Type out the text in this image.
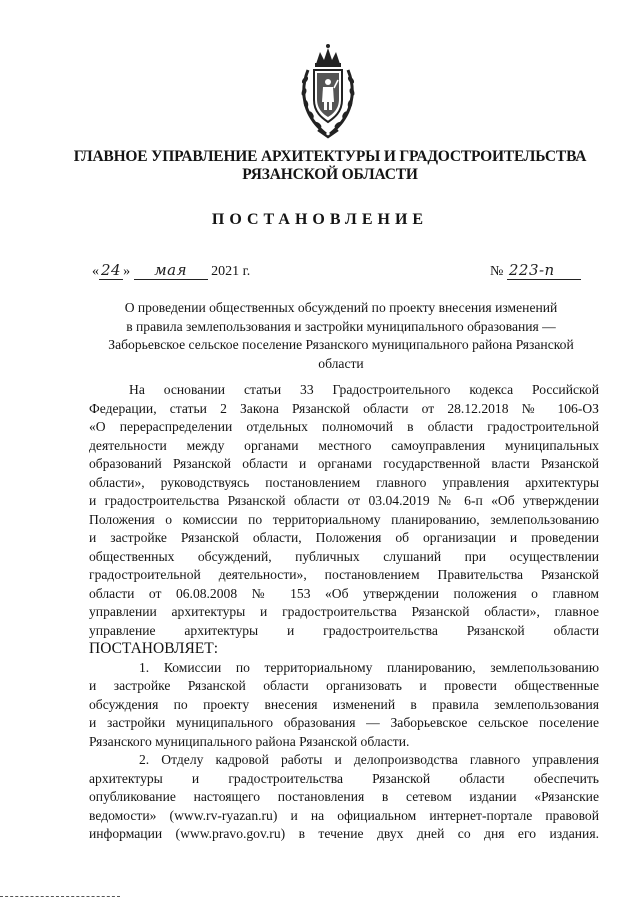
ГЛАВНОЕ УПРАВЛЕНИЕ АРХИТЕКТУРЫ И ГРАДОСТРОИТЕЛЬСТВА
РЯЗАНСКОЙ ОБЛАСТИ
ПОСТАНОВЛЕНИЕ
« 24 » мая 2021 г.	№ 223-п
О проведении общественных обсуждений по проекту внесения изменений
в правила землепользования и застройки муниципального образования —
Заборьевское сельское поселение Рязанского муниципального района Рязанской
области
На основании статьи 33 Градостроительного кодекса Российской
Федерации, статьи 2 Закона Рязанской области от 28.12.2018 № 106-ОЗ
«О перераспределении отдельных полномочий в области градостроительной
деятельности между органами местного самоуправления муниципальных
образований Рязанской области и органами государственной власти Рязанской
области», руководствуясь постановлением главного управления архитектуры
и градостроительства Рязанской области от 03.04.2019 № 6-п «Об утверждении
Положения о комиссии по территориальному планированию, землепользованию
и застройке Рязанской области, Положения об организации и проведении
общественных обсуждений, публичных слушаний при осуществлении
градостроительной деятельности», постановлением Правительства Рязанской
области от 06.08.2008 № 153 «Об утверждении положения о главном
управлении архитектуры и градостроительства Рязанской области», главное
управление архитектуры и градостроительства Рязанской области
ПОСТАНОВЛЯЕТ:
1. Комиссии по территориальному планированию, землепользованию
и застройке Рязанской области организовать и провести общественные
обсуждения по проекту внесения изменений в правила землепользования
и застройки муниципального образования — Заборьевское сельское поселение
Рязанского муниципального района Рязанской области.
2. Отделу кадровой работы и делопроизводства главного управления
архитектуры и градостроительства Рязанской области обеспечить
опубликование настоящего постановления в сетевом издании «Рязанские
ведомости» (www.rv-ryazan.ru) и на официальном интернет-портале правовой
информации (www.pravo.gov.ru) в течение двух дней со дня его издания.
